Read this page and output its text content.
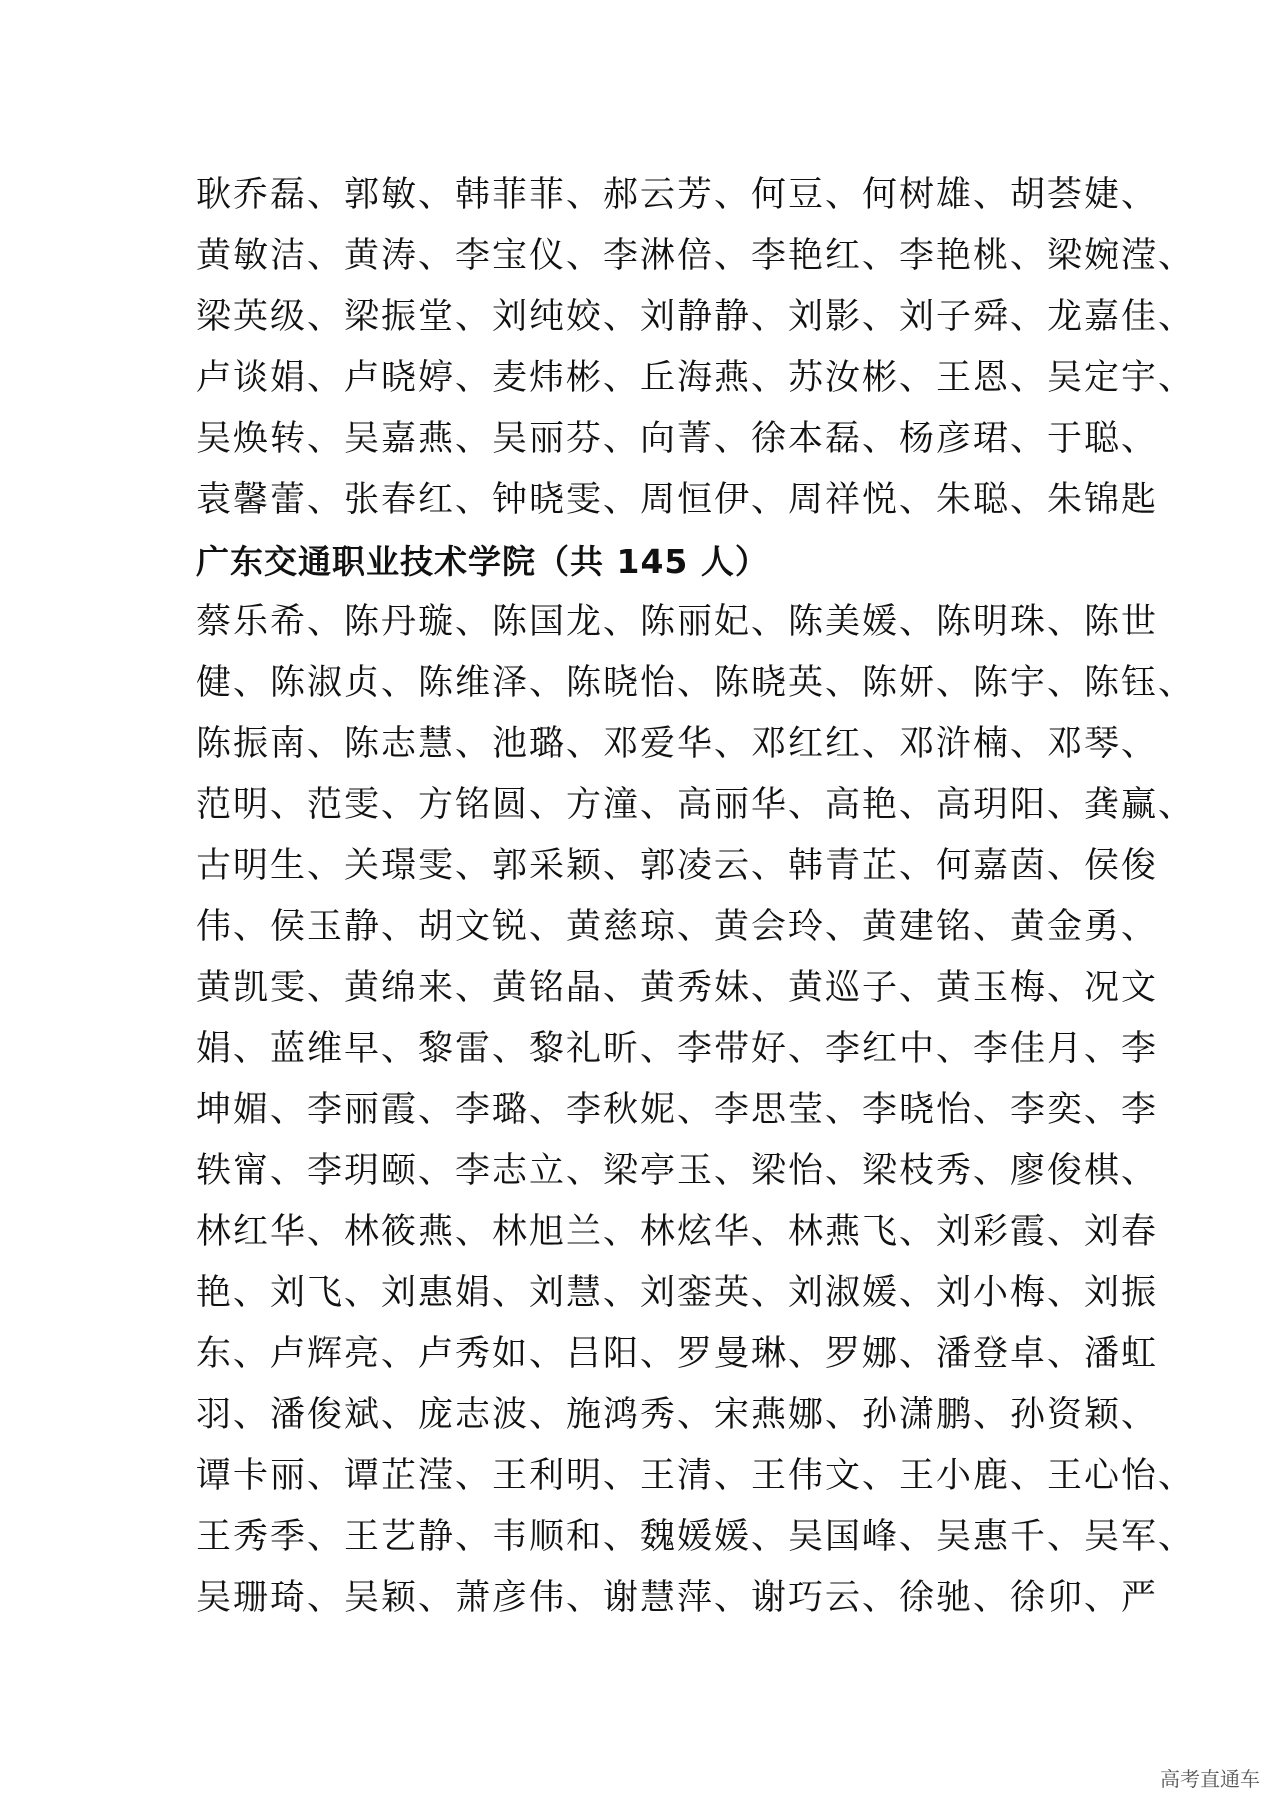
耿乔磊、郭敏、韩菲菲、郝云芳、何豆、何树雄、胡荟婕、
黄敏洁、黄涛、李宝仪、李淋倍、李艳红、李艳桃、梁婉滢、
梁英级、梁振堂、刘纯姣、刘静静、刘影、刘子舜、龙嘉佳、
卢谈娟、卢晓婷、麦炜彬、丘海燕、苏汝彬、王恩、吴定宇、
吴焕转、吴嘉燕、吴丽芬、向菁、徐本磊、杨彦珺、于聪、
袁馨蕾、张春红、钟晓雯、周恒伊、周祥悦、朱聪、朱锦匙
广东交通职业技术学院（共 145 人）
蔡乐希、陈丹璇、陈国龙、陈丽妃、陈美媛、陈明珠、陈世
健、陈淑贞、陈维泽、陈晓怡、陈晓英、陈妍、陈宇、陈钰、
陈振南、陈志慧、池璐、邓爱华、邓红红、邓浒楠、邓琴、
范明、范雯、方铭圆、方潼、高丽华、高艳、高玥阳、龚赢、
古明生、关璟雯、郭采颖、郭凌云、韩青芷、何嘉茵、侯俊
伟、侯玉静、胡文锐、黄慈琼、黄会玲、黄建铭、黄金勇、
黄凯雯、黄绵来、黄铭晶、黄秀妹、黄巡子、黄玉梅、况文
娟、蓝维早、黎雷、黎礼昕、李带好、李红中、李佳月、李
坤媚、李丽霞、李璐、李秋妮、李思莹、李晓怡、李奕、李
轶甯、李玥颐、李志立、梁亭玉、梁怡、梁枝秀、廖俊棋、
林红华、林筱燕、林旭兰、林炫华、林燕飞、刘彩霞、刘春
艳、刘飞、刘惠娟、刘慧、刘銮英、刘淑媛、刘小梅、刘振
东、卢辉亮、卢秀如、吕阳、罗曼琳、罗娜、潘登卓、潘虹
羽、潘俊斌、庞志波、施鸿秀、宋燕娜、孙潇鹏、孙资颖、
谭卡丽、谭芷滢、王利明、王清、王伟文、王小鹿、王心怡、
王秀季、王艺静、韦顺和、魏媛媛、吴国峰、吴惠千、吴军、
吴珊琦、吴颖、萧彦伟、谢慧萍、谢巧云、徐驰、徐卯、严
高考直通车
